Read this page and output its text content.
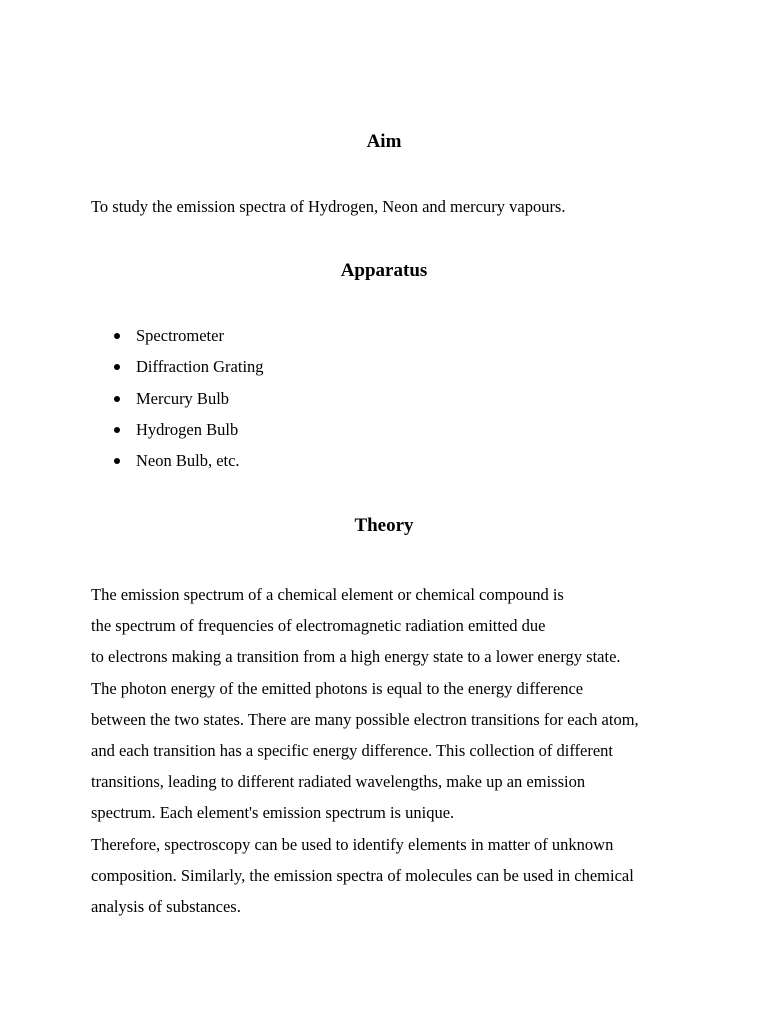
Aim

To study the emission spectra of Hydrogen, Neon and mercury vapours.

Apparatus
Spectrometer
Diffraction Grating
Mercury Bulb
Hydrogen Bulb
Neon Bulb, etc.
Theory
The emission spectrum of a chemical element or chemical compound is
the spectrum of frequencies of electromagnetic radiation emitted due
to electrons making a transition from a high energy state to a lower energy state.
The photon energy of the emitted photons is equal to the energy difference
between the two states. There are many possible electron transitions for each atom,
and each transition has a specific energy difference. This collection of different
transitions, leading to different radiated wavelengths, make up an emission
spectrum. Each element's emission spectrum is unique.
Therefore, spectroscopy can be used to identify elements in matter of unknown
composition. Similarly, the emission spectra of molecules can be used in chemical
analysis of substances.
